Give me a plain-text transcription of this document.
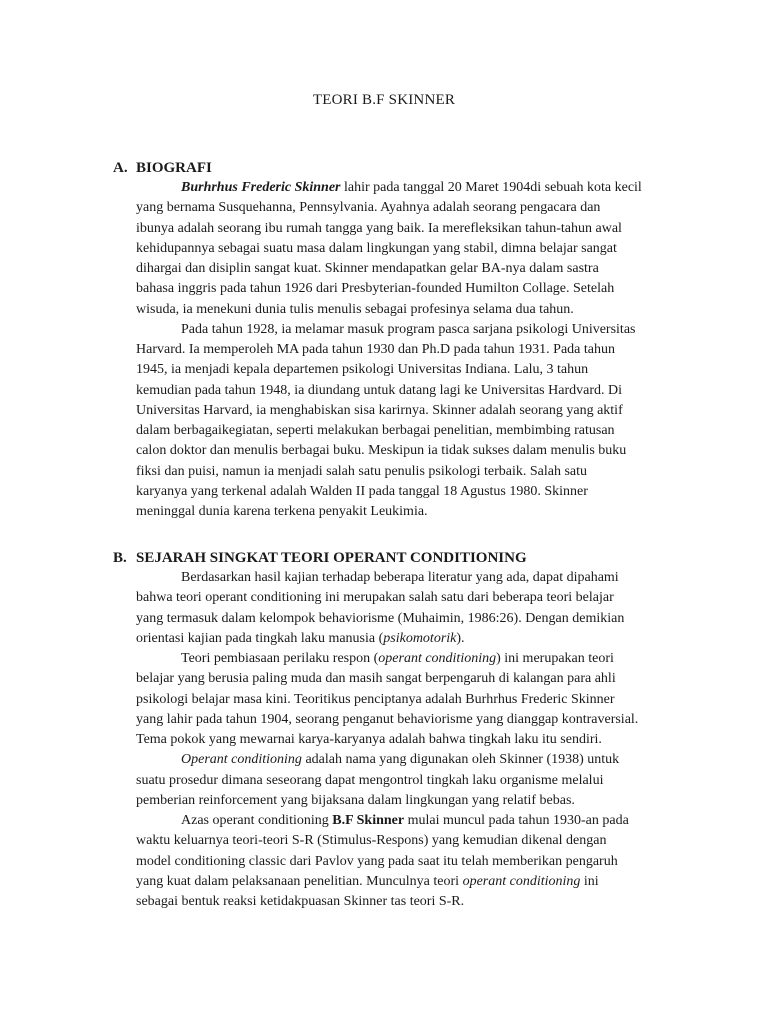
TEORI B.F SKINNER
A. BIOGRAFI
Burhrhus Frederic Skinner lahir pada tanggal 20 Maret 1904di sebuah kota kecil
yang bernama Susquehanna, Pennsylvania. Ayahnya adalah seorang pengacara dan
ibunya adalah seorang ibu rumah tangga yang baik. Ia merefleksikan tahun-tahun awal
kehidupannya sebagai suatu masa dalam lingkungan yang stabil, dimna belajar sangat
dihargai dan disiplin sangat kuat. Skinner mendapatkan gelar BA-nya dalam sastra
bahasa inggris pada tahun 1926 dari Presbyterian-founded Humilton Collage. Setelah
wisuda, ia menekuni dunia tulis menulis sebagai profesinya selama dua tahun.
Pada tahun 1928, ia melamar masuk program pasca sarjana psikologi Universitas
Harvard. Ia memperoleh MA pada tahun 1930 dan Ph.D pada tahun 1931. Pada tahun
1945, ia menjadi kepala departemen psikologi Universitas Indiana. Lalu, 3 tahun
kemudian pada tahun 1948, ia diundang untuk datang lagi ke Universitas Hardvard. Di
Universitas Harvard, ia menghabiskan sisa karirnya. Skinner adalah seorang yang aktif
dalam berbagaikegiatan, seperti melakukan berbagai penelitian, membimbing ratusan
calon doktor dan menulis berbagai buku. Meskipun ia tidak sukses dalam menulis buku
fiksi dan puisi, namun ia menjadi salah satu penulis psikologi terbaik. Salah satu
karyanya yang terkenal adalah Walden II pada tanggal 18 Agustus 1980. Skinner
meninggal dunia karena terkena penyakit Leukimia.
B. SEJARAH SINGKAT TEORI OPERANT CONDITIONING
Berdasarkan hasil kajian terhadap beberapa literatur yang ada, dapat dipahami
bahwa teori operant conditioning ini merupakan salah satu dari beberapa teori belajar
yang termasuk dalam kelompok behaviorisme (Muhaimin, 1986:26). Dengan demikian
orientasi kajian pada tingkah laku manusia (psikomotorik).
Teori pembiasaan perilaku respon (operant conditioning) ini merupakan teori
belajar yang berusia paling muda dan masih sangat berpengaruh di kalangan para ahli
psikologi belajar masa kini. Teoritikus penciptanya adalah Burhrhus Frederic Skinner
yang lahir pada tahun 1904, seorang penganut behaviorisme yang dianggap kontraversial.
Tema pokok yang mewarnai karya-karyanya adalah bahwa tingkah laku itu sendiri.
Operant conditioning adalah nama yang digunakan oleh Skinner (1938) untuk
suatu prosedur dimana seseorang dapat mengontrol tingkah laku organisme melalui
pemberian reinforcement yang bijaksana dalam lingkungan yang relatif bebas.
Azas operant conditioning B.F Skinner mulai muncul pada tahun 1930-an pada
waktu keluarnya teori-teori S-R (Stimulus-Respons) yang kemudian dikenal dengan
model conditioning classic dari Pavlov yang pada saat itu telah memberikan pengaruh
yang kuat dalam pelaksanaan penelitian. Munculnya teori operant conditioning ini
sebagai bentuk reaksi ketidakpuasan Skinner tas teori S-R.
